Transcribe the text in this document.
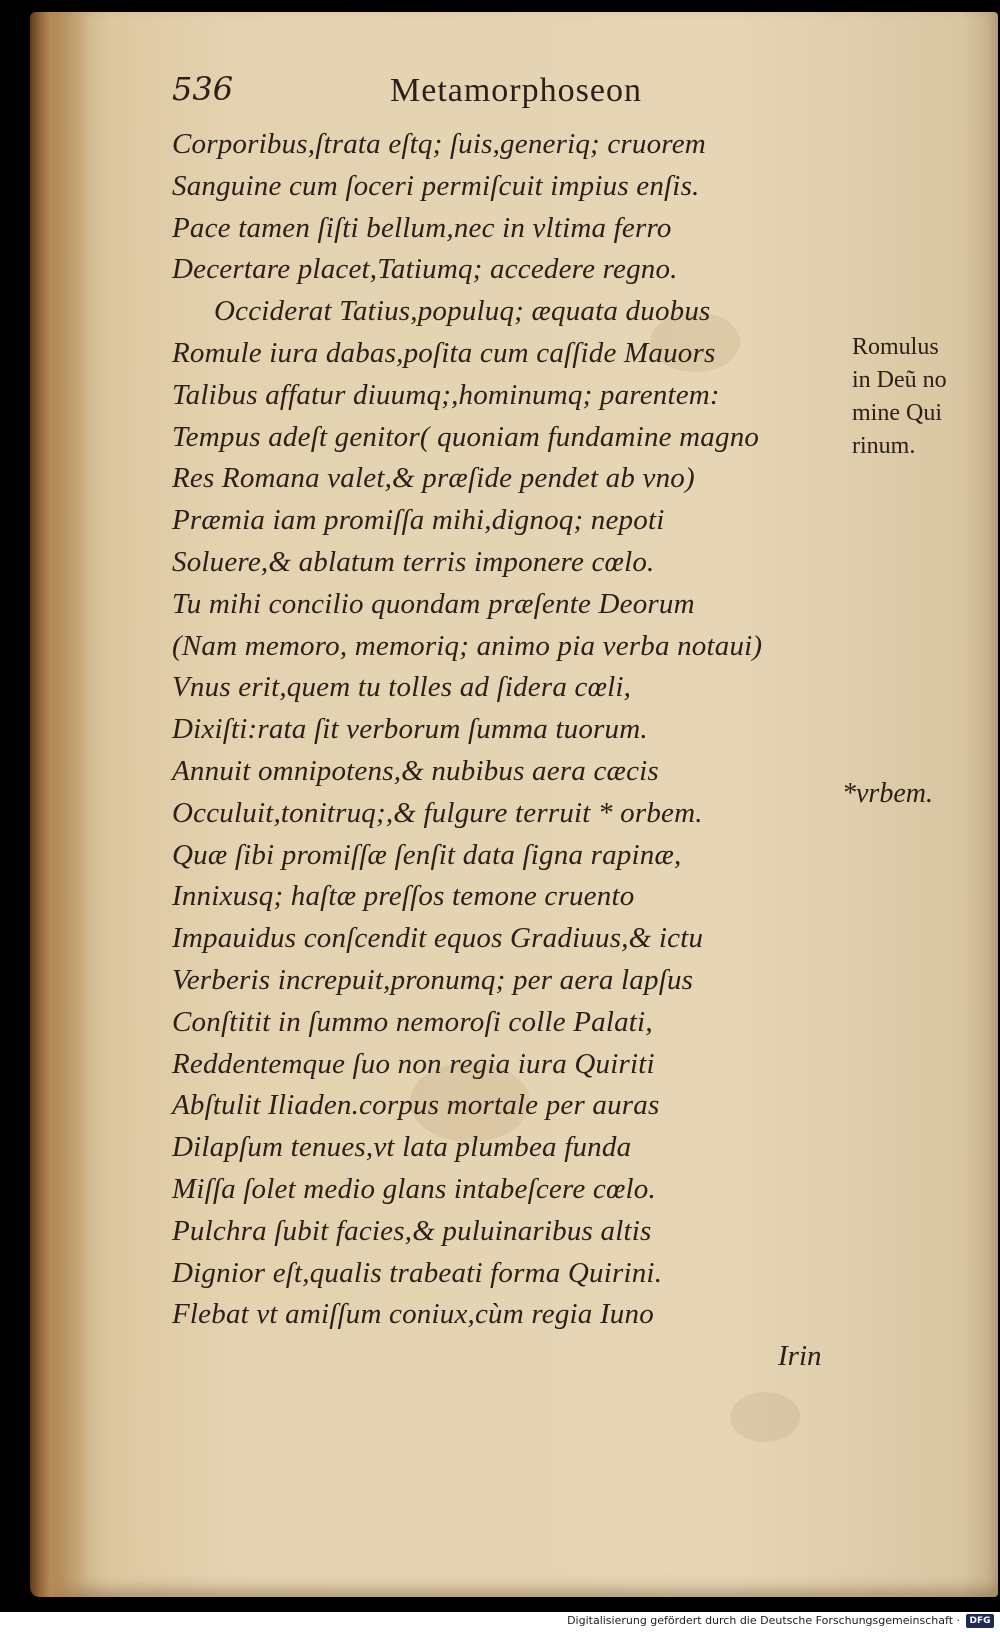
536	Metamorphoseon
Corporibus,ſtrata eſtq; ſuis,generiq; cruorem
Sanguine cum ſoceri permiſcuit impius enſis.
Pace tamen ſiſti bellum,nec in vltima ferro
Decertare placet,Tatiumq; accedere regno.
Occiderat Tatius,populuq; æquata duobus
Romule iura dabas,poſita cum caſſide Mauors
Talibus affatur diuumq;,hominumq; parentem:
Tempus adeſt genitor( quoniam fundamine magno
Res Romana valet,& præſide pendet ab vno)
Præmia iam promiſſa mihi,dignoq; nepoti
Soluere,& ablatum terris imponere cœlo.
Tu mihi concilio quondam præſente Deorum
(Nam memoro, memoriq; animo pia verba notaui)
Vnus erit,quem tu tolles ad ſidera cœli,
Dixiſti:rata ſit verborum ſumma tuorum.
Annuit omnipotens,& nubibus aera cæcis
Occuluit,tonitruq;,& fulgure terruit * orbem.
Quæ ſibi promiſſæ ſenſit data ſigna rapinæ,
Innixusq; haſtæ preſſos temone cruento
Impauidus conſcendit equos Gradiuus,& ictu
Verberis increpuit,pronumq; per aera lapſus
Conſtitit in ſummo nemoroſi colle Palati,
Reddentemque ſuo non regia iura Quiriti
Abſtulit Iliaden.corpus mortale per auras
Dilapſum tenues,vt lata plumbea funda
Miſſa ſolet medio glans intabeſcere cœlo.
Pulchra ſubit facies,& puluinaribus altis
Dignior eſt,qualis trabeati forma Quirini.
Flebat vt amiſſum coniux,cùm regia Iuno
Romulus
in Deũ no
mine Qui
rinum.
*vrbem.
Irin
Digitalisierung gefördert durch die Deutsche Forschungsgemeinschaft ·	DFG
